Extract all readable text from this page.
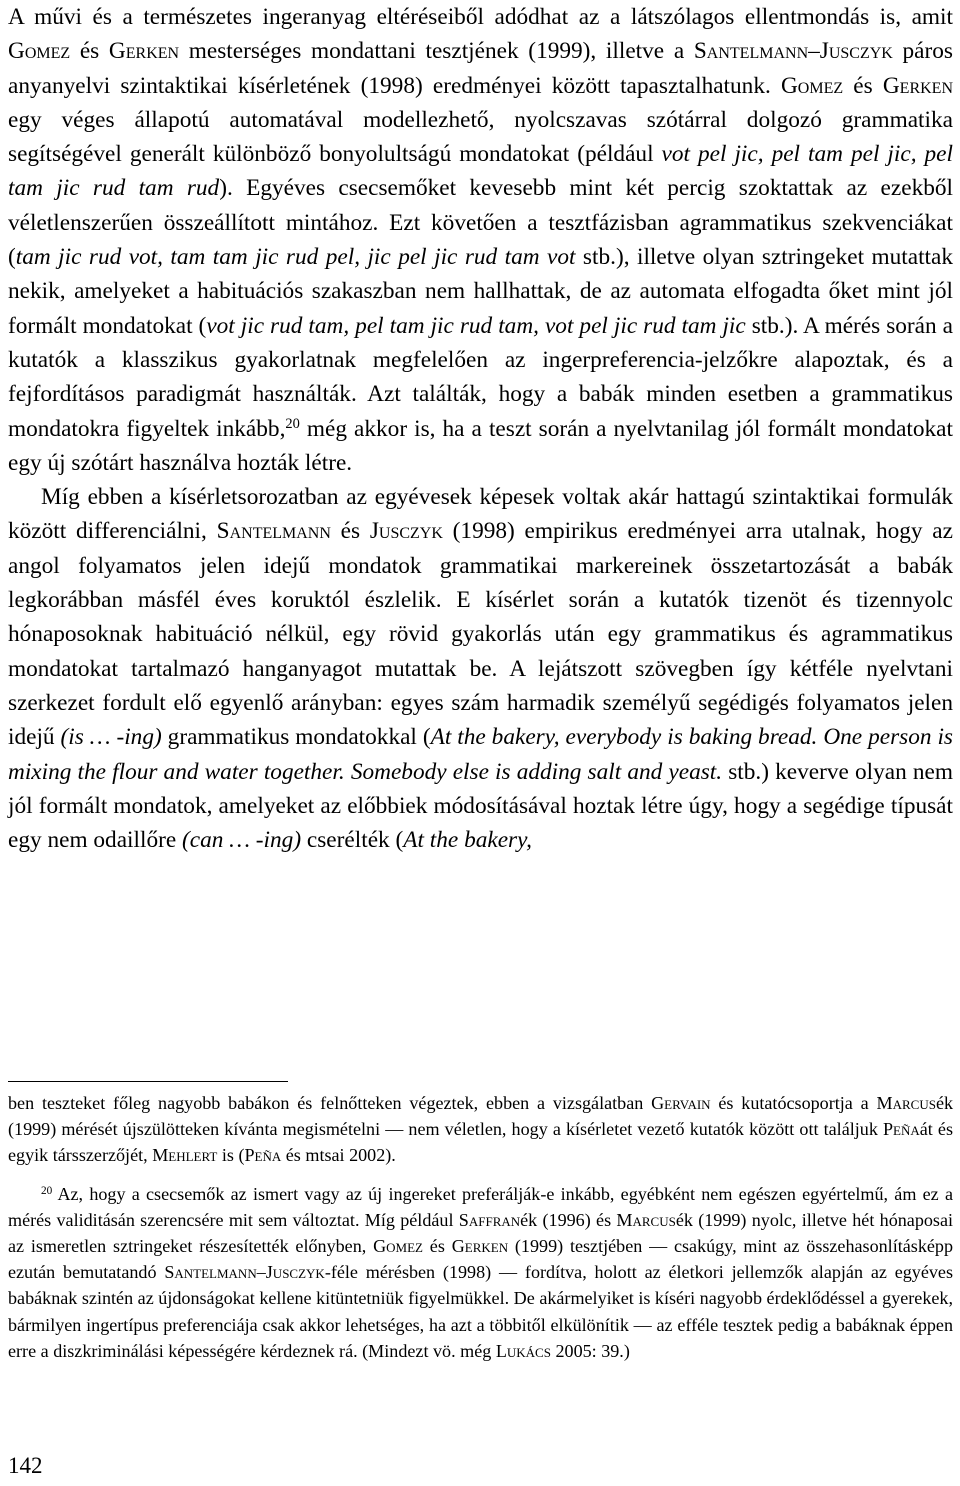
A művi és a természetes ingeranyag eltéréseiből adódhat az a látszólagos ellentmondás is, amit Gomez és Gerken mesterséges mondattani tesztjének (1999), illetve a Santelmann–Jusczyk páros anyanyelvi szintaktikai kísérletének (1998) eredményei között tapasztalhatunk. Gomez és Gerken egy véges állapotú automatával modellezhető, nyolcszavas szótárral dolgozó grammatika segítségével generált különböző bonyolultságú mondatokat (például vot pel jic, pel tam pel jic, pel tam jic rud tam rud). Egyéves csecsemőket kevesebb mint két percig szoktattak az ezekből véletlenszerűen összeállított mintához. Ezt követően a tesztfázisban agrammatikus szekvenciákat (tam jic rud vot, tam tam jic rud pel, jic pel jic rud tam vot stb.), illetve olyan sztringeket mutattak nekik, amelyeket a habituációs szakaszban nem hallhattak, de az automata elfogadta őket mint jól formált mondatokat (vot jic rud tam, pel tam jic rud tam, vot pel jic rud tam jic stb.). A mérés során a kutatók a klasszikus gyakorlatnak megfelelően az ingerpreferencia-jelzőkre alapoztak, és a fejfordításos paradigmát használták. Azt találták, hogy a babák minden esetben a grammatikus mondatokra figyeltek inkább,$^{20}$ még akkor is, ha a teszt során a nyelvtanilag jól formált mondatokat egy új szótárt használva hozták létre.

Míg ebben a kísérletsorozatban az egyévesek képesek voltak akár hattagú szintaktikai formulák között differenciálni, Santelmann és Jusczyk (1998) empirikus eredményei arra utalnak, hogy az angol folyamatos jelen idejű mondatok grammatikai markereinek összetartozását a babák legkorábban másfél éves koruktól észlelik. E kísérlet során a kutatók tizenöt és tizennyolc hónaposoknak habituáció nélkül, egy rövid gyakorlás után egy grammatikus és agrammatikus mondatokat tartalmazó hanganyagot mutattak be. A lejátszott szövegben így kétféle nyelvtani szerkezet fordult elő egyenlő arányban: egyes szám harmadik személyű segédigés folyamatos jelen idejű (is … -ing) grammatikus mondatokkal (At the bakery, everybody is baking bread. One person is mixing the flour and water together. Somebody else is adding salt and yeast. stb.) keverve olyan nem jól formált mondatok, amelyeket az előbbiek módosításával hoztak létre úgy, hogy a segédige típusát egy nem odaillőre (can … -ing) cserélték (At the bakery,

ben teszteket főleg nagyobb babákon és felnőtteken végeztek, ebben a vizsgálatban Gervain és kutatócsoportja a Marcusék (1999) mérését újszülötteken kívánta megismételni — nem véletlen, hogy a kísérletet vezető kutatók között ott találjuk Peñaát és egyik társszerzőjét, Mehlert is (Peña és mtsai 2002).

$^{20}$ Az, hogy a csecsemők az ismert vagy az új ingereket preferálják-e inkább, egyébként nem egészen egyértelmű, ám ez a mérés validitásán szerencsére mit sem változtat. Míg például Saffranék (1996) és Marcusék (1999) nyolc, illetve hét hónaposai az ismeretlen sztringeket részesítették előnyben, Gomez és Gerken (1999) tesztjében — csakúgy, mint az összehasonlításképp ezután bemutatandó Santelmann–Jusczyk-féle mérésben (1998) — fordítva, holott az életkori jellemzők alapján az egyéves babáknak szintén az újdonságokat kellene kitüntetniük figyelmükkel. De akármelyiket is kíséri nagyobb érdeklődéssel a gyerekek, bármilyen ingertípus preferenciája csak akkor lehetséges, ha azt a többitől elkülönítik — az efféle tesztek pedig a babáknak éppen erre a diszkriminálási képességére kérdeznek rá. (Mindezt vö. még Lukács 2005: 39.)

142
